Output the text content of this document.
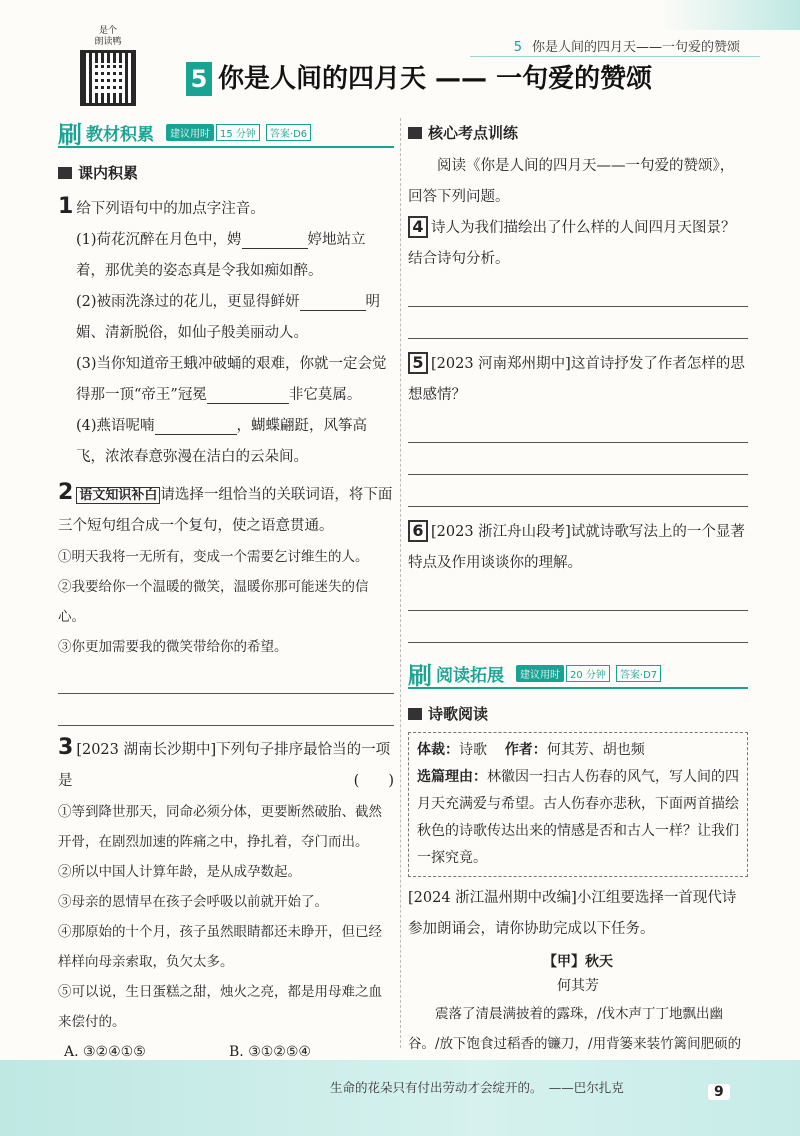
5 你是人间的四月天——一句爱的赞颂
是个
朗读鸭
5 你是人间的四月天 —— 一句爱的赞颂
刷 教材积累	建议用时	15 分钟	答案·D6
课内积累
1 给下列语句中的加点字注音。
(1)荷花沉醉在月色中，娉	婷地站立着，那优美的姿态真是令我如痴如醉。
(2)被雨洗涤过的花儿，更显得鲜妍	明媚、清新脱俗，如仙子般美丽动人。
(3)当你知道帝王蛾冲破蛹的艰难，你就一定会觉得那一顶“帝王”冠冕	非它莫属。
(4)燕语呢喃	，蝴蝶翩跹，风筝高飞，浓浓春意弥漫在洁白的云朵间。
2 语文知识补白 请选择一组恰当的关联词语，将下面三个短句组合成一个复句，使之语意贯通。
①明天我将一无所有，变成一个需要乞讨维生的人。
②我要给你一个温暖的微笑，温暖你那可能迷失的信心。
③你更加需要我的微笑带给你的希望。
3 [2023 湖南长沙期中]下列句子排序最恰当的一项是	(　　)
①等到降世那天，同命必须分体，更要断然破胎、截然开骨，在剧烈加速的阵痛之中，挣扎着，夺门而出。
②所以中国人计算年龄，是从成孕数起。
③母亲的恩情早在孩子会呼吸以前就开始了。
④那原始的十个月，孩子虽然眼睛都还未睁开，但已经样样向母亲索取，负欠太多。
⑤可以说，生日蛋糕之甜，烛火之亮，都是用母难之血来偿付的。
A. ③②④①⑤	B. ③①②⑤④
核心考点训练
阅读《你是人间的四月天——一句爱的赞颂》，回答下列问题。
4 诗人为我们描绘出了什么样的人间四月天图景？结合诗句分析。
5 [2023 河南郑州期中]这首诗抒发了作者怎样的思想感情？
6 [2023 浙江舟山段考]试就诗歌写法上的一个显著特点及作用谈谈你的理解。
刷 阅读拓展	建议用时	20 分钟	答案·D7
诗歌阅读
体裁：诗歌 作者：何其芳、胡也频
选篇理由：林徽因一扫古人伤春的风气，写人间的四月天充满爱与希望。古人伤春亦悲秋，下面两首描绘秋色的诗歌传达出来的情感是否和古人一样？让我们一探究竟。
[2024 浙江温州期中改编]小江组要选择一首现代诗参加朗诵会，请你协助完成以下任务。
【甲】秋天
何其芳
震落了清晨满披着的露珠，/伐木声丁丁地飘出幽谷。/放下饱食过稻香的镰刀，/用背篓来装竹篱间肥硕的
生命的花朵只有付出劳动才会绽开的。　——巴尔扎克	9
